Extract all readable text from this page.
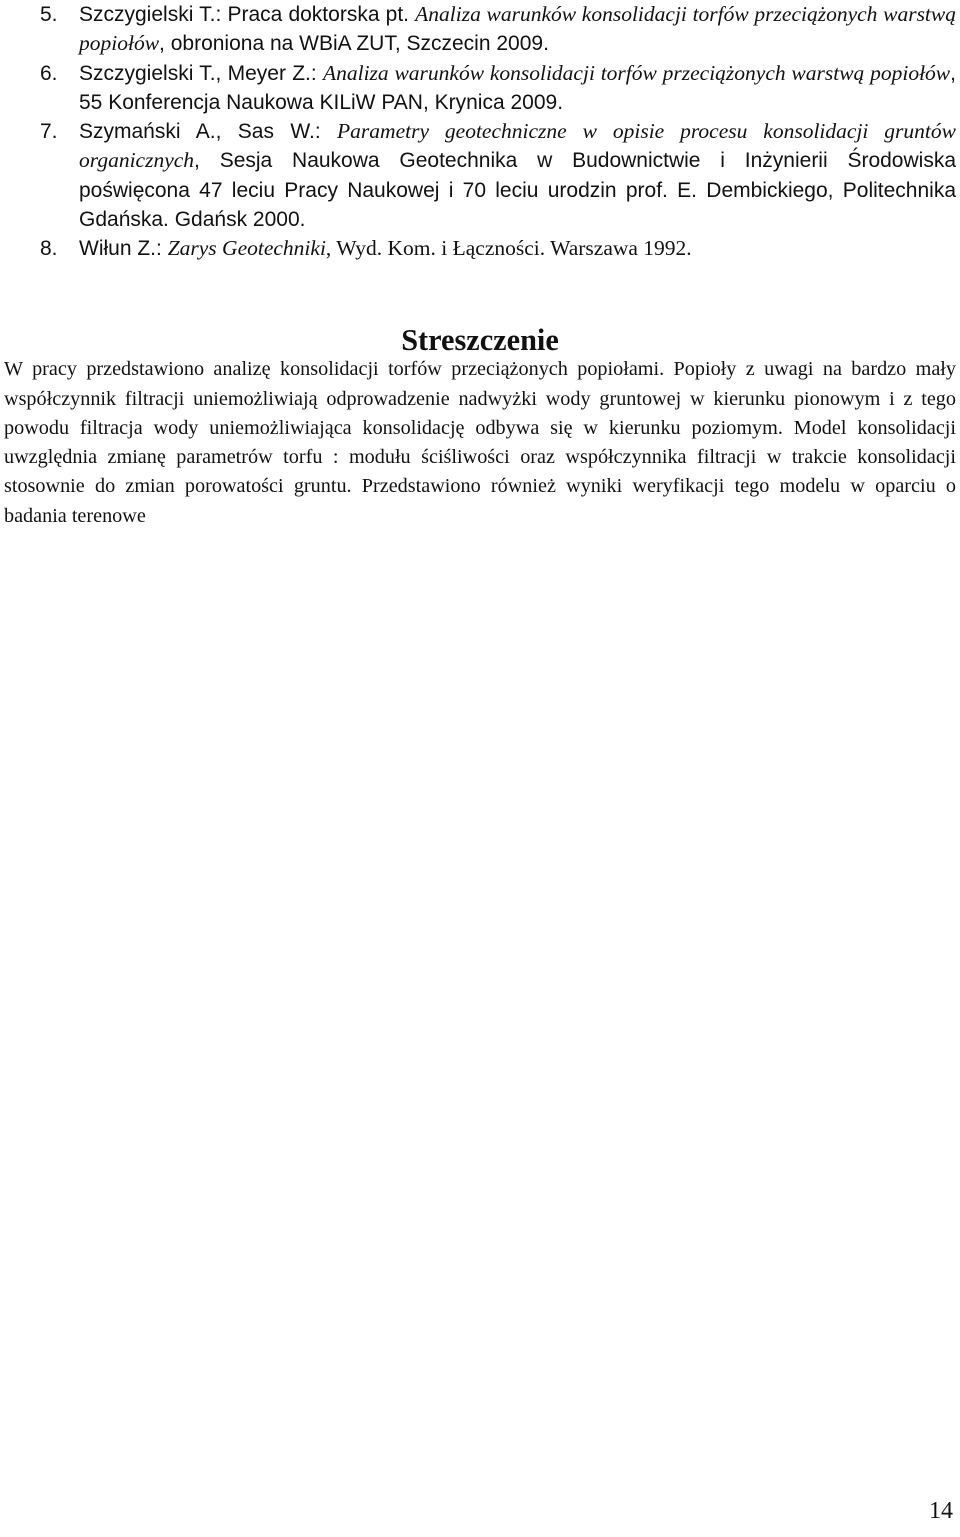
5. Szczygielski T.: Praca doktorska pt. Analiza warunków konsolidacji torfów przeciążonych warstwą popiołów, obroniona na WBiA ZUT, Szczecin 2009.
6. Szczygielski T., Meyer Z.: Analiza warunków konsolidacji torfów przeciążonych warstwą popiołów, 55 Konferencja Naukowa KILiW PAN, Krynica 2009.
7. Szymański A., Sas W.: Parametry geotechniczne w opisie procesu konsolidacji gruntów organicznych, Sesja Naukowa Geotechnika w Budownictwie i Inżynierii Środowiska poświęcona 47 leciu Pracy Naukowej i 70 leciu urodzin prof. E. Dembickiego, Politechnika Gdańska. Gdańsk 2000.
8. Wiłun Z.: Zarys Geotechniki, Wyd. Kom. i Łączności. Warszawa 1992.
Streszczenie

W pracy przedstawiono analizę konsolidacji torfów przeciążonych popiołami. Popioły z uwagi na bardzo mały współczynnik filtracji uniemożliwiają odprowadzenie nadwyżki wody gruntowej w kierunku pionowym i z tego powodu filtracja wody uniemożliwiająca konsolidację odbywa się w kierunku poziomym. Model konsolidacji uwzględnia zmianę parametrów torfu : modułu ściśliwości oraz współczynnika filtracji w trakcie konsolidacji stosownie do zmian porowatości gruntu. Przedstawiono również wyniki weryfikacji tego modelu w oparciu o badania terenowe

14
